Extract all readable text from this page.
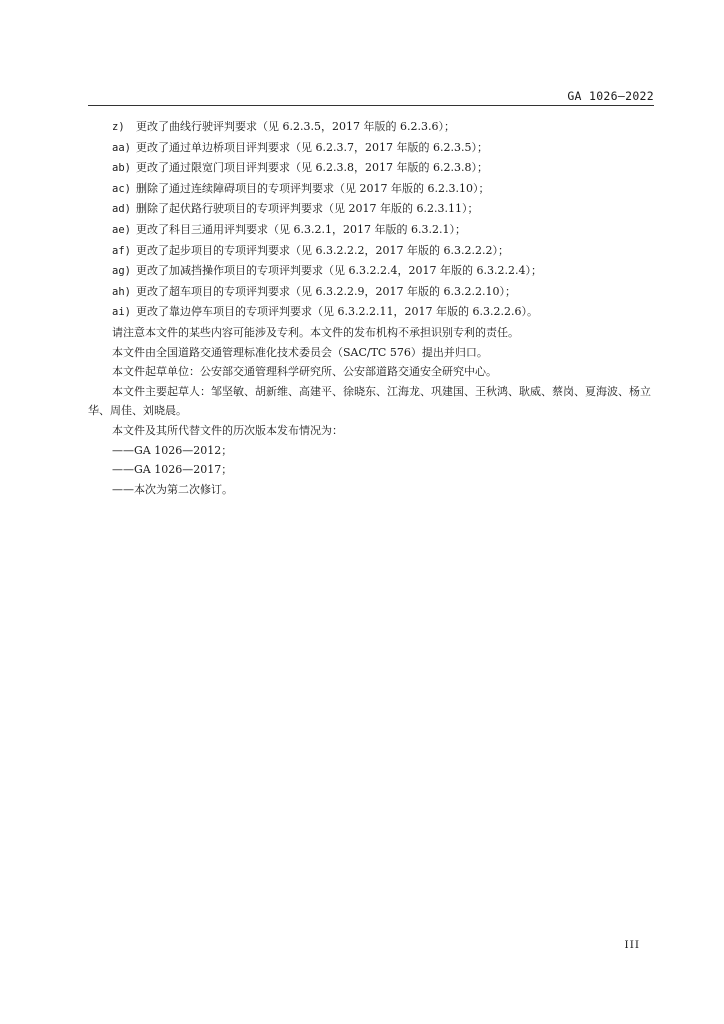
GA 1026—2022
z) 更改了曲线行驶评判要求（见 6.2.3.5，2017 年版的 6.2.3.6）；
aa) 更改了通过单边桥项目评判要求（见 6.2.3.7，2017 年版的 6.2.3.5）；
ab) 更改了通过限宽门项目评判要求（见 6.2.3.8，2017 年版的 6.2.3.8）；
ac) 删除了通过连续障碍项目的专项评判要求（见 2017 年版的 6.2.3.10）；
ad) 删除了起伏路行驶项目的专项评判要求（见 2017 年版的 6.2.3.11）；
ae) 更改了科目三通用评判要求（见 6.3.2.1，2017 年版的 6.3.2.1）；
af) 更改了起步项目的专项评判要求（见 6.3.2.2.2，2017 年版的 6.3.2.2.2）；
ag) 更改了加减挡操作项目的专项评判要求（见 6.3.2.2.4，2017 年版的 6.3.2.2.4）；
ah) 更改了超车项目的专项评判要求（见 6.3.2.2.9，2017 年版的 6.3.2.2.10）；
ai) 更改了靠边停车项目的专项评判要求（见 6.3.2.2.11，2017 年版的 6.3.2.2.6）。
请注意本文件的某些内容可能涉及专利。本文件的发布机构不承担识别专利的责任。
本文件由全国道路交通管理标准化技术委员会（SAC/TC 576）提出并归口。
本文件起草单位：公安部交通管理科学研究所、公安部道路交通安全研究中心。
本文件主要起草人：邹坚敏、胡新维、高建平、徐晓东、江海龙、巩建国、王秋鸿、耿威、蔡岗、夏海波、杨立华、周佳、刘晓晨。
本文件及其所代替文件的历次版本发布情况为：
——GA 1026—2012；
——GA 1026—2017；
——本次为第二次修订。
III
